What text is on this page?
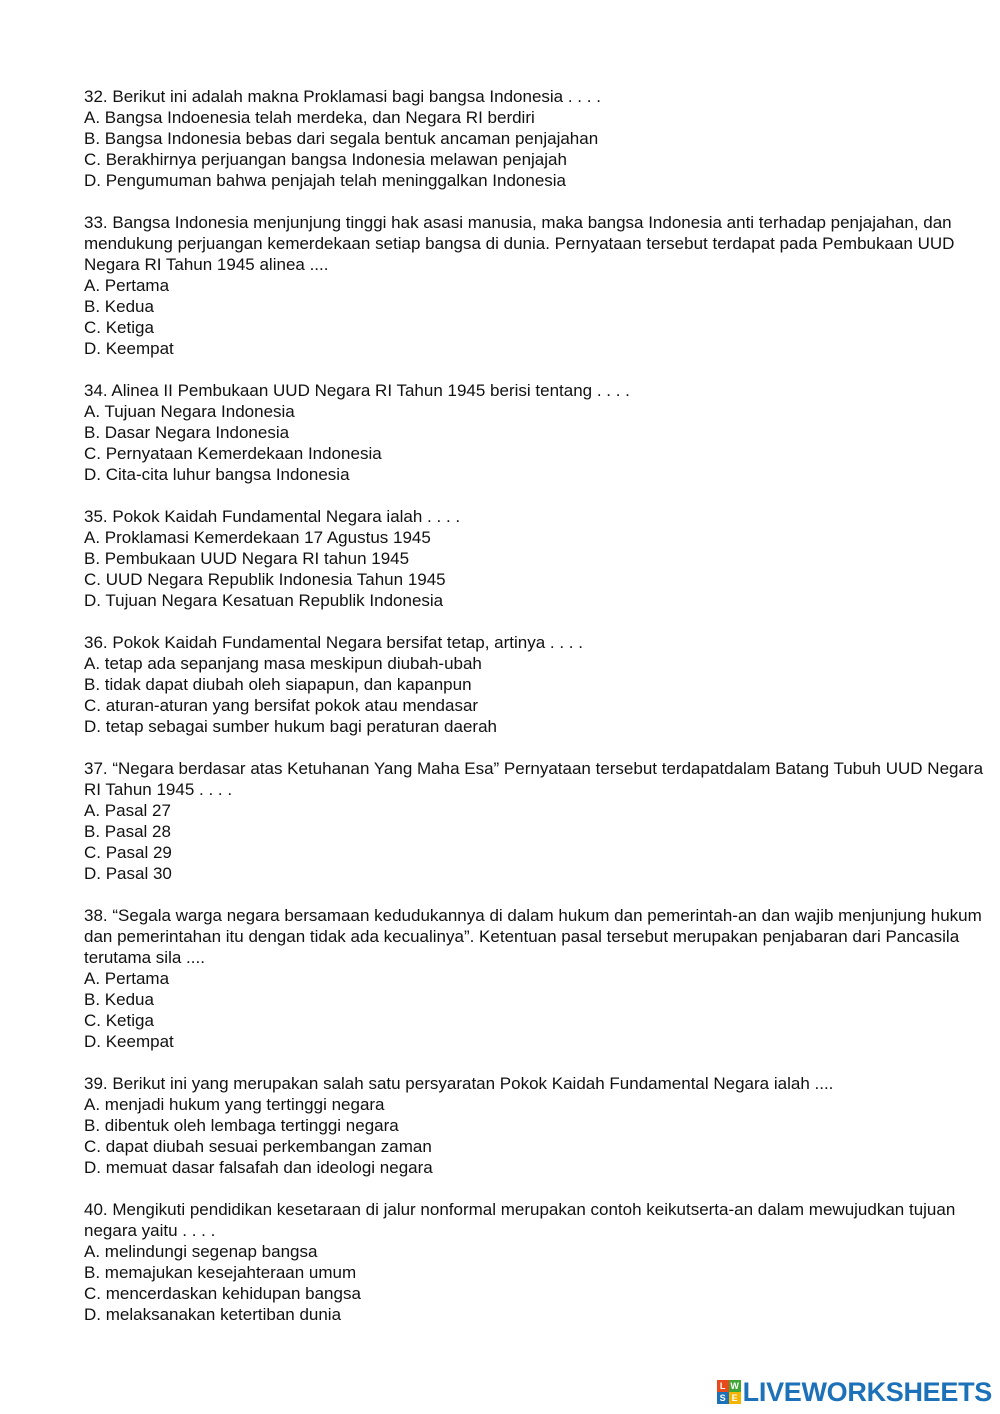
32. Berikut ini adalah makna Proklamasi bagi bangsa Indonesia . . . .

A. Bangsa Indoenesia telah merdeka, dan Negara RI berdiri

B. Bangsa Indonesia bebas dari segala bentuk ancaman penjajahan

C. Berakhirnya perjuangan bangsa Indonesia melawan penjajah

D. Pengumuman bahwa penjajah telah meninggalkan Indonesia

33. Bangsa Indonesia menjunjung tinggi hak asasi manusia, maka bangsa Indonesia anti terhadap penjajahan, dan mendukung perjuangan kemerdekaan setiap bangsa di dunia. Pernyataan tersebut terdapat pada Pembukaan UUD Negara RI Tahun 1945 alinea ....

A. Pertama

B. Kedua

C. Ketiga

D. Keempat

34. Alinea II Pembukaan UUD Negara RI Tahun 1945 berisi tentang . . . .

A. Tujuan Negara Indonesia

B. Dasar Negara Indonesia

C. Pernyataan Kemerdekaan Indonesia

D. Cita-cita luhur bangsa Indonesia

35. Pokok Kaidah Fundamental Negara ialah . . . .

A. Proklamasi Kemerdekaan 17 Agustus 1945

B. Pembukaan UUD Negara RI tahun 1945

C. UUD Negara Republik Indonesia Tahun 1945

D. Tujuan Negara Kesatuan Republik Indonesia

36. Pokok Kaidah Fundamental Negara bersifat tetap, artinya . . . .

A. tetap ada sepanjang masa meskipun diubah-ubah

B. tidak dapat diubah oleh siapapun, dan kapanpun

C. aturan-aturan yang bersifat pokok atau mendasar

D. tetap sebagai sumber hukum bagi peraturan daerah

37. “Negara berdasar atas Ketuhanan Yang Maha Esa” Pernyataan tersebut terdapatdalam Batang Tubuh UUD Negara RI Tahun 1945 . . . .

A. Pasal 27

B. Pasal 28

C. Pasal 29

D. Pasal 30

38. “Segala warga negara bersamaan kedudukannya di dalam hukum dan pemerintah-an dan wajib menjunjung hukum dan pemerintahan itu dengan tidak ada kecualinya”. Ketentuan pasal tersebut merupakan penjabaran dari Pancasila terutama sila ....

A. Pertama

B. Kedua

C. Ketiga

D. Keempat

39. Berikut ini yang merupakan salah satu persyaratan Pokok Kaidah Fundamental Negara ialah ....

A. menjadi hukum yang tertinggi negara

B. dibentuk oleh lembaga tertinggi negara

C. dapat diubah sesuai perkembangan zaman

D. memuat dasar falsafah dan ideologi negara

40. Mengikuti pendidikan kesetaraan di jalur nonformal merupakan contoh keikutserta-an dalam mewujudkan tujuan negara yaitu . . . .

A. melindungi segenap bangsa

B. memajukan kesejahteraan umum

C. mencerdaskan kehidupan bangsa

D. melaksanakan ketertiban dunia

L W
S E LIVEWORKSHEETS
